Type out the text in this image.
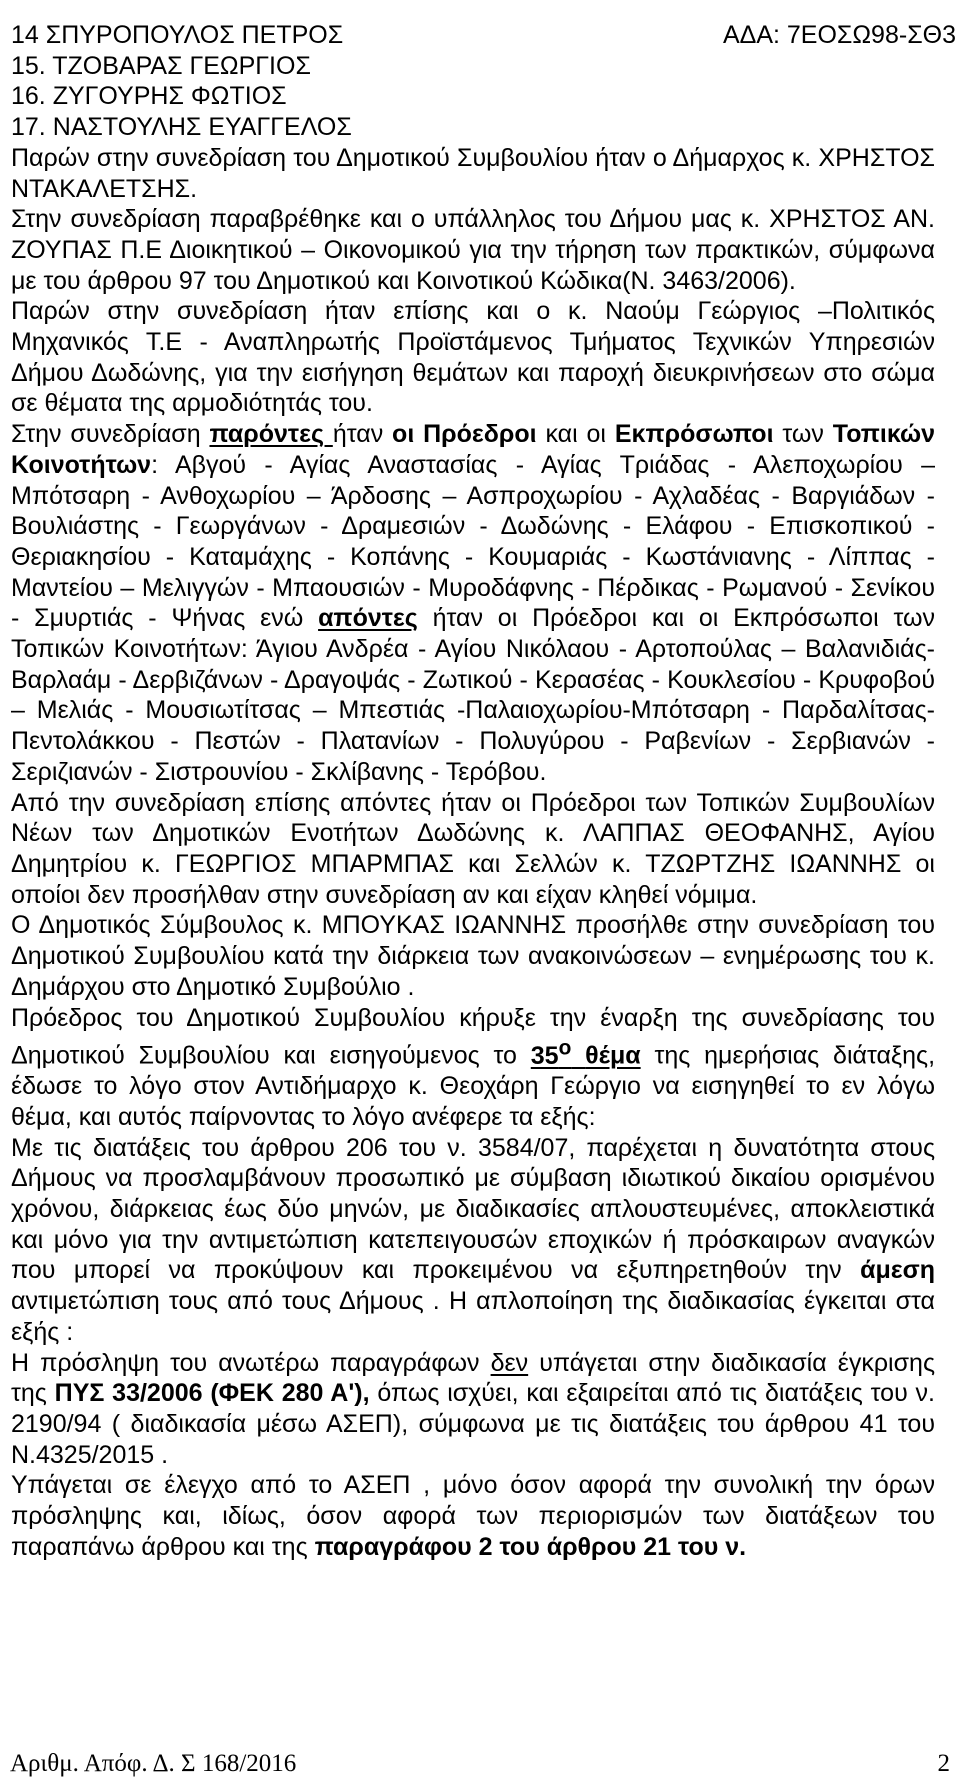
ΑΔΑ: 7ΕΟΣΩ98-ΣΘ3

14 ΣΠΥΡΟΠΟΥΛΟΣ ΠΕΤΡΟΣ

15. ΤΖΟΒΑΡΑΣ ΓΕΩΡΓΙΟΣ

16. ΖΥΓΟΥΡΗΣ ΦΩΤΙΟΣ

17. ΝΑΣΤΟΥΛΗΣ ΕΥΑΓΓΕΛΟΣ

Παρών στην συνεδρίαση του Δημοτικού Συμβουλίου ήταν ο Δήμαρχος κ. ΧΡΗΣΤΟΣ ΝΤΑΚΑΛΕΤΣΗΣ.

Στην συνεδρίαση παραβρέθηκε και ο υπάλληλος του Δήμου μας κ. ΧΡΗΣΤΟΣ ΑΝ. ΖΟΥΠΑΣ Π.Ε Διοικητικού – Οικονομικού για την τήρηση των πρακτικών, σύμφωνα με του άρθρου 97 του Δημοτικού και Κοινοτικού Κώδικα(Ν. 3463/2006).

Παρών στην συνεδρίαση ήταν επίσης και ο κ. Ναούμ Γεώργιος –Πολιτικός Μηχανικός Τ.Ε - Αναπληρωτής Προϊστάμενος Τμήματος Τεχνικών Υπηρεσιών Δήμου Δωδώνης, για την εισήγηση θεμάτων και παροχή διευκρινήσεων στο σώμα σε θέματα της αρμοδιότητάς του.

Στην συνεδρίαση παρόντες ήταν οι Πρόεδροι και οι Εκπρόσωποι των Τοπικών Κοινοτήτων: Αβγού - Αγίας Αναστασίας - Αγίας Τριάδας - Αλεποχωρίου – Μπότσαρη - Ανθοχωρίου – Άρδοσης – Ασπροχωρίου - Αχλαδέας - Βαργιάδων - Βουλιάστης - Γεωργάνων - Δραμεσιών - Δωδώνης - Ελάφου - Επισκοπικού - Θεριακησίου - Καταμάχης - Κοπάνης - Κουμαριάς - Κωστάνιανης - Λίππας - Μαντείου – Μελιγγών - Μπαουσιών - Μυροδάφνης - Πέρδικας - Ρωμανού - Σενίκου - Σμυρτιάς - Ψήνας ενώ απόντες ήταν οι Πρόεδροι και οι Εκπρόσωποι των Τοπικών Κοινοτήτων: Άγιου Ανδρέα - Αγίου Νικόλαου - Αρτοπούλας – Βαλανιδιάς- Βαρλαάμ - Δερβιζάνων - Δραγοψάς - Ζωτικού - Κερασέας - Κουκλεσίου - Κρυφοβού – Μελιάς - Μουσιωτίτσας – Μπεστιάς -Παλαιοχωρίου-Μπότσαρη - Παρδαλίτσας- Πεντολάκκου - Πεστών - Πλατανίων - Πολυγύρου - Ραβενίων - Σερβιανών - Σεριζιανών - Σιστρουνίου - Σκλίβανης - Τερόβου.

Από την συνεδρίαση επίσης απόντες ήταν οι Πρόεδροι των Τοπικών Συμβουλίων Νέων των Δημοτικών Ενοτήτων Δωδώνης κ. ΛΑΠΠΑΣ ΘΕΟΦΑΝΗΣ, Αγίου Δημητρίου κ. ΓΕΩΡΓΙΟΣ ΜΠΑΡΜΠΑΣ και Σελλών κ. ΤΖΩΡΤΖΗΣ ΙΩΑΝΝΗΣ οι οποίοι δεν προσήλθαν στην συνεδρίαση αν και είχαν κληθεί νόμιμα.

Ο Δημοτικός Σύμβουλος κ. ΜΠΟΥΚΑΣ ΙΩΑΝΝΗΣ προσήλθε στην συνεδρίαση του Δημοτικού Συμβουλίου κατά την διάρκεια των ανακοινώσεων – ενημέρωσης του κ. Δημάρχου στο Δημοτικό Συμβούλιο .

Πρόεδρος του Δημοτικού Συμβουλίου κήρυξε την έναρξη της συνεδρίασης του Δημοτικού Συμβουλίου και εισηγούμενος το $35^o$ θέμα της ημερήσιας διάταξης, έδωσε το λόγο στον Αντιδήμαρχο κ. Θεοχάρη Γεώργιο να εισηγηθεί το εν λόγω θέμα, και αυτός παίρνοντας το λόγο ανέφερε τα εξής:

Με τις διατάξεις του άρθρου 206 του ν. 3584/07, παρέχεται η δυνατότητα στους Δήμους να προσλαμβάνουν προσωπικό με σύμβαση ιδιωτικού δικαίου ορισμένου χρόνου, διάρκειας έως δύο μηνών, με διαδικασίες απλουστευμένες, αποκλειστικά και μόνο για την αντιμετώπιση κατεπειγουσών εποχικών ή πρόσκαιρων αναγκών που μπορεί να προκύψουν και προκειμένου να εξυπηρετηθούν την άμεση αντιμετώπιση τους από τους Δήμους . Η απλοποίηση της διαδικασίας έγκειται στα εξής :

Η πρόσληψη του ανωτέρω παραγράφων δεν υπάγεται στην διαδικασία έγκρισης της ΠΥΣ 33/2006 (ΦΕΚ 280 Α'), όπως ισχύει, και εξαιρείται από τις διατάξεις του ν. 2190/94 ( διαδικασία μέσω ΑΣΕΠ), σύμφωνα με τις διατάξεις του άρθρου 41 του Ν.4325/2015 .

Υπάγεται σε έλεγχο από το ΑΣΕΠ , μόνο όσον αφορά την συνολική την όρων πρόσληψης και, ιδίως, όσον αφορά των περιορισμών των διατάξεων του παραπάνω άρθρου και της παραγράφου 2 του άρθρου 21 του ν.

Αριθμ. Απόφ. Δ. Σ 168/2016	2
